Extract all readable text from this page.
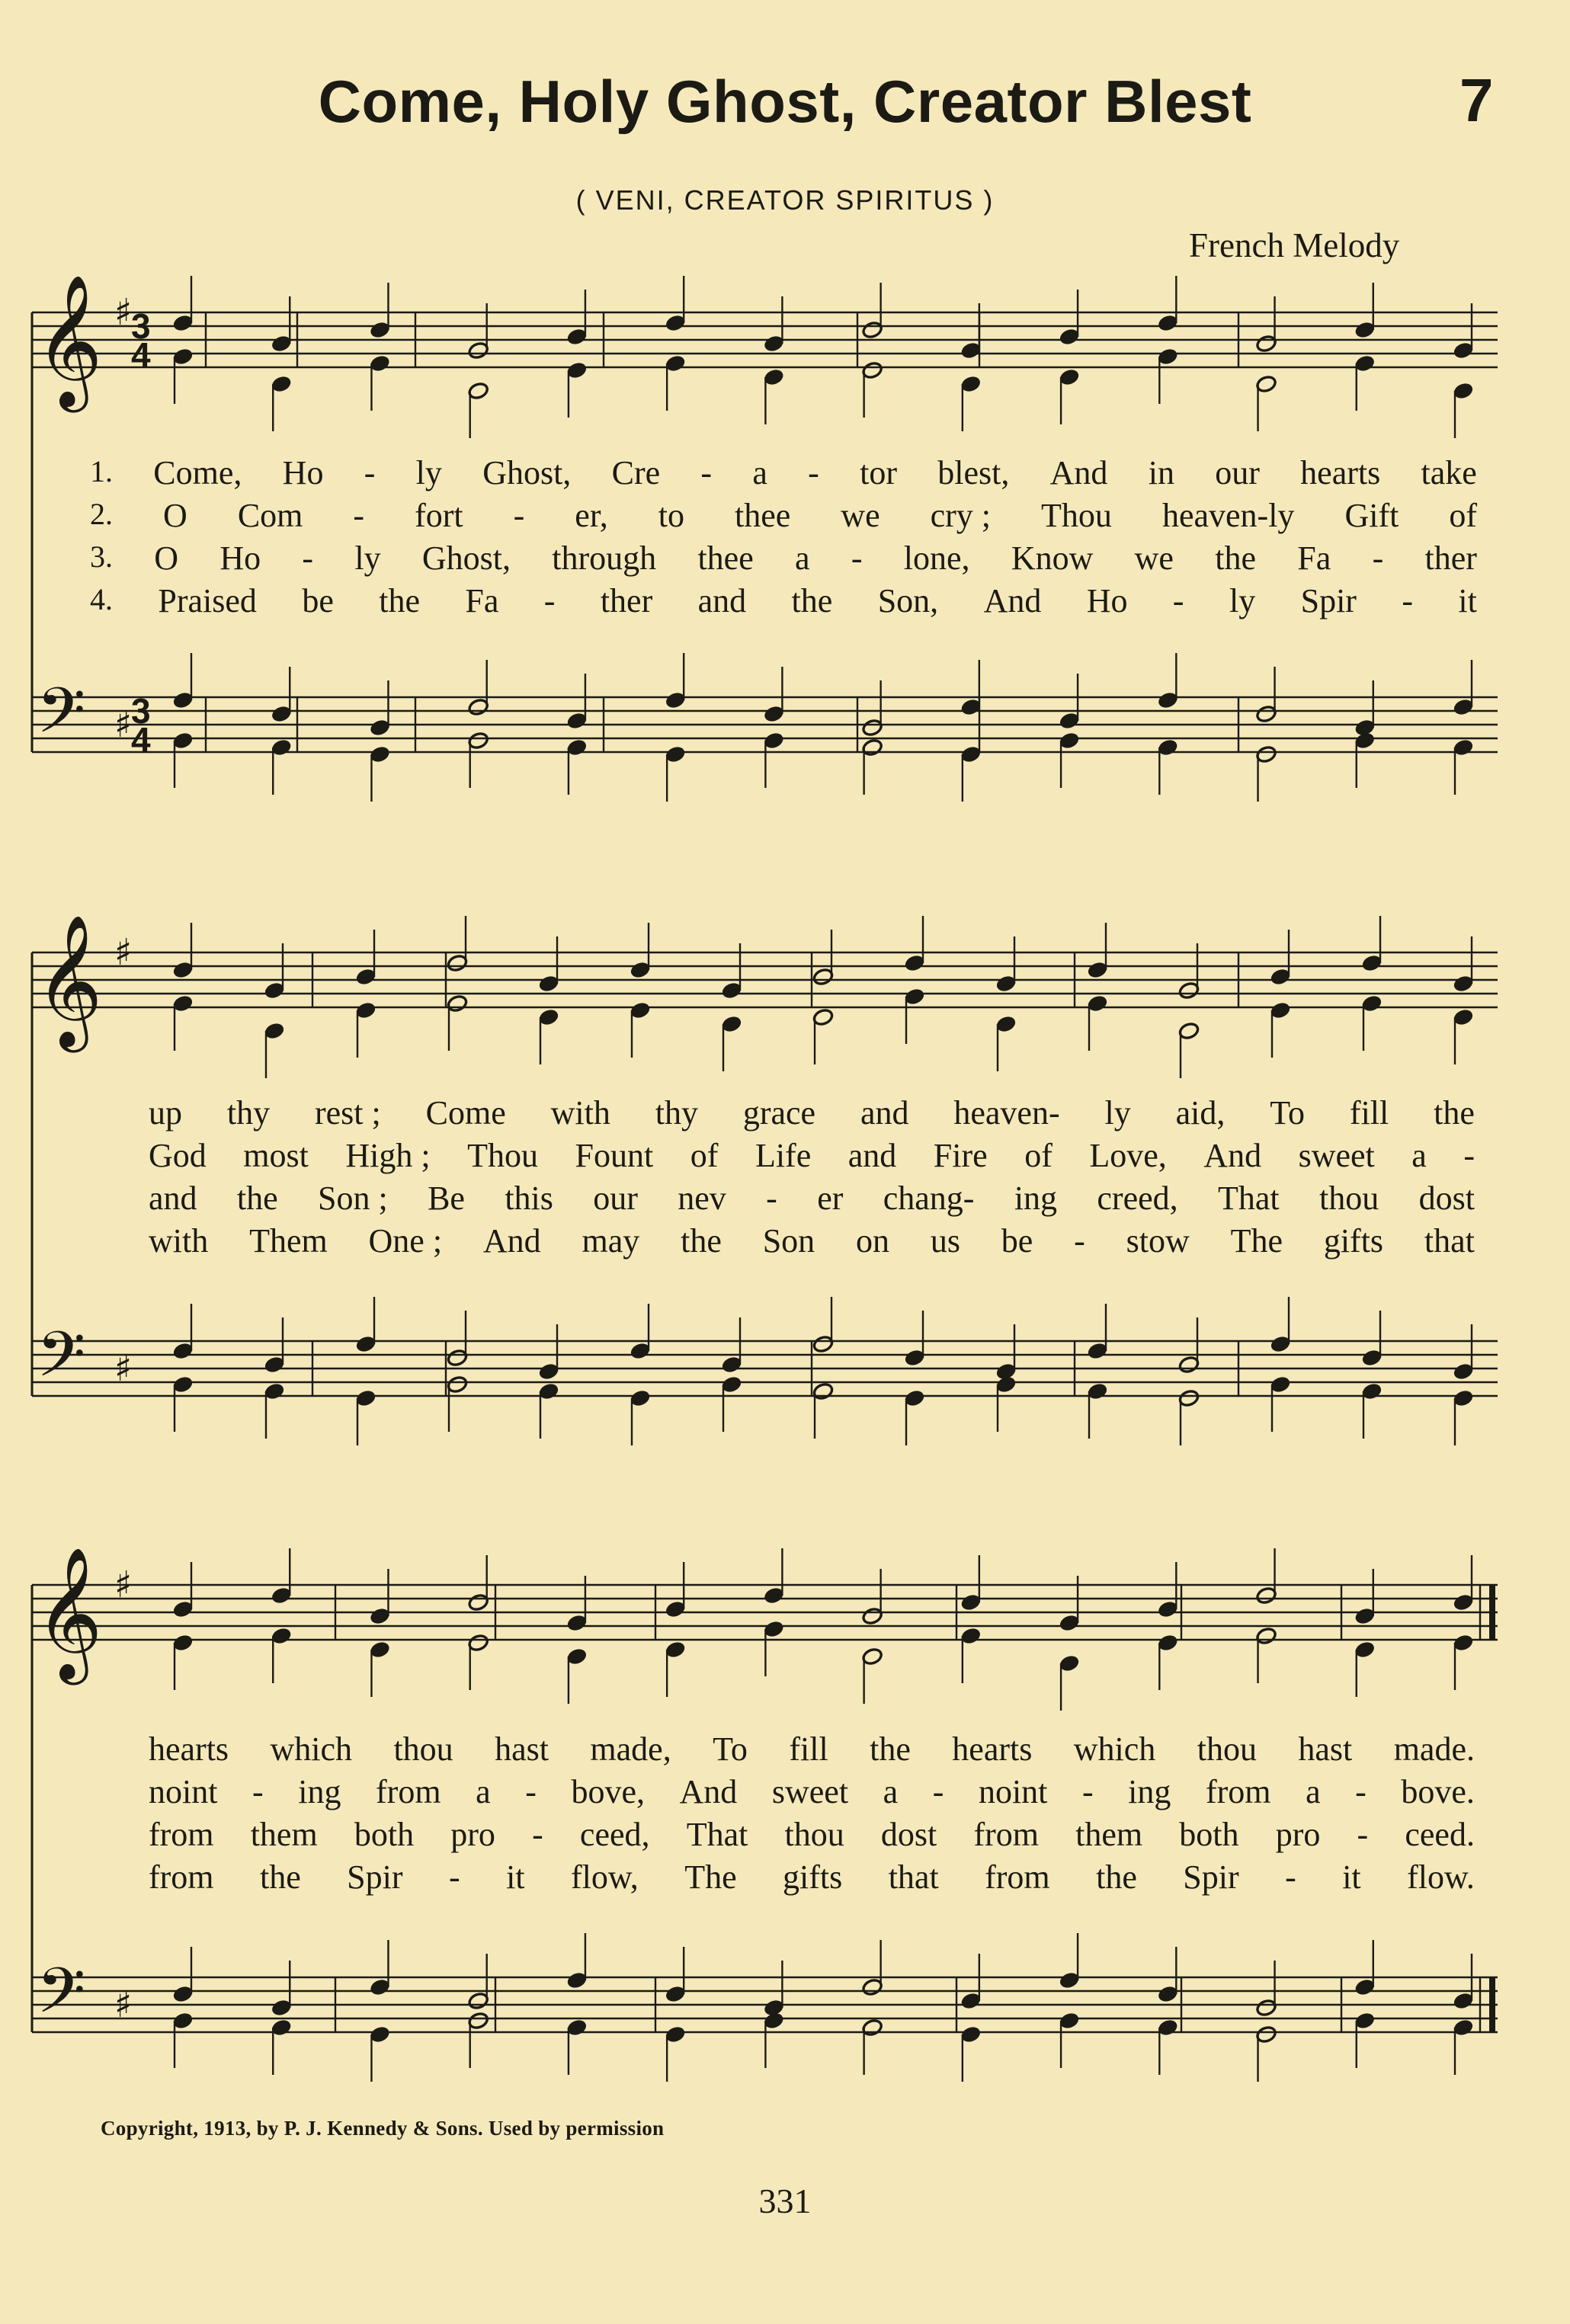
Come, Holy Ghost, Creator Blest	7
( VENI, CREATOR SPIRITUS )
French Melody
𝄞
𝄢
♯
♯
3
4
3
4
𝄞
𝄢
♯
♯
𝄞
𝄢
♯
♯
1. Come, Ho - ly Ghost, Cre - a - tor blest, And in our hearts take
2. O Com - fort - er, to thee we cry ; Thou heaven-ly Gift of
3. O Ho - ly Ghost, through thee a - lone, Know we the Fa - ther
4. Praised be the Fa - ther and the Son, And Ho - ly Spir - it
up thy rest ; Come with thy grace and heaven- ly aid, To fill the
God most High ; Thou Fount of Life and Fire of Love, And sweet a -
and the Son ; Be this our nev - er chang- ing creed, That thou dost
with Them One ; And may the Son on us be - stow The gifts that
hearts which thou hast made, To fill the hearts which thou hast made.
noint - ing from a - bove, And sweet a - noint - ing from a - bove.
from them both pro - ceed, That thou dost from them both pro - ceed.
from the Spir - it flow, The gifts that from the Spir - it flow.
Copyright, 1913, by P. J. Kennedy & Sons. Used by permission
331
